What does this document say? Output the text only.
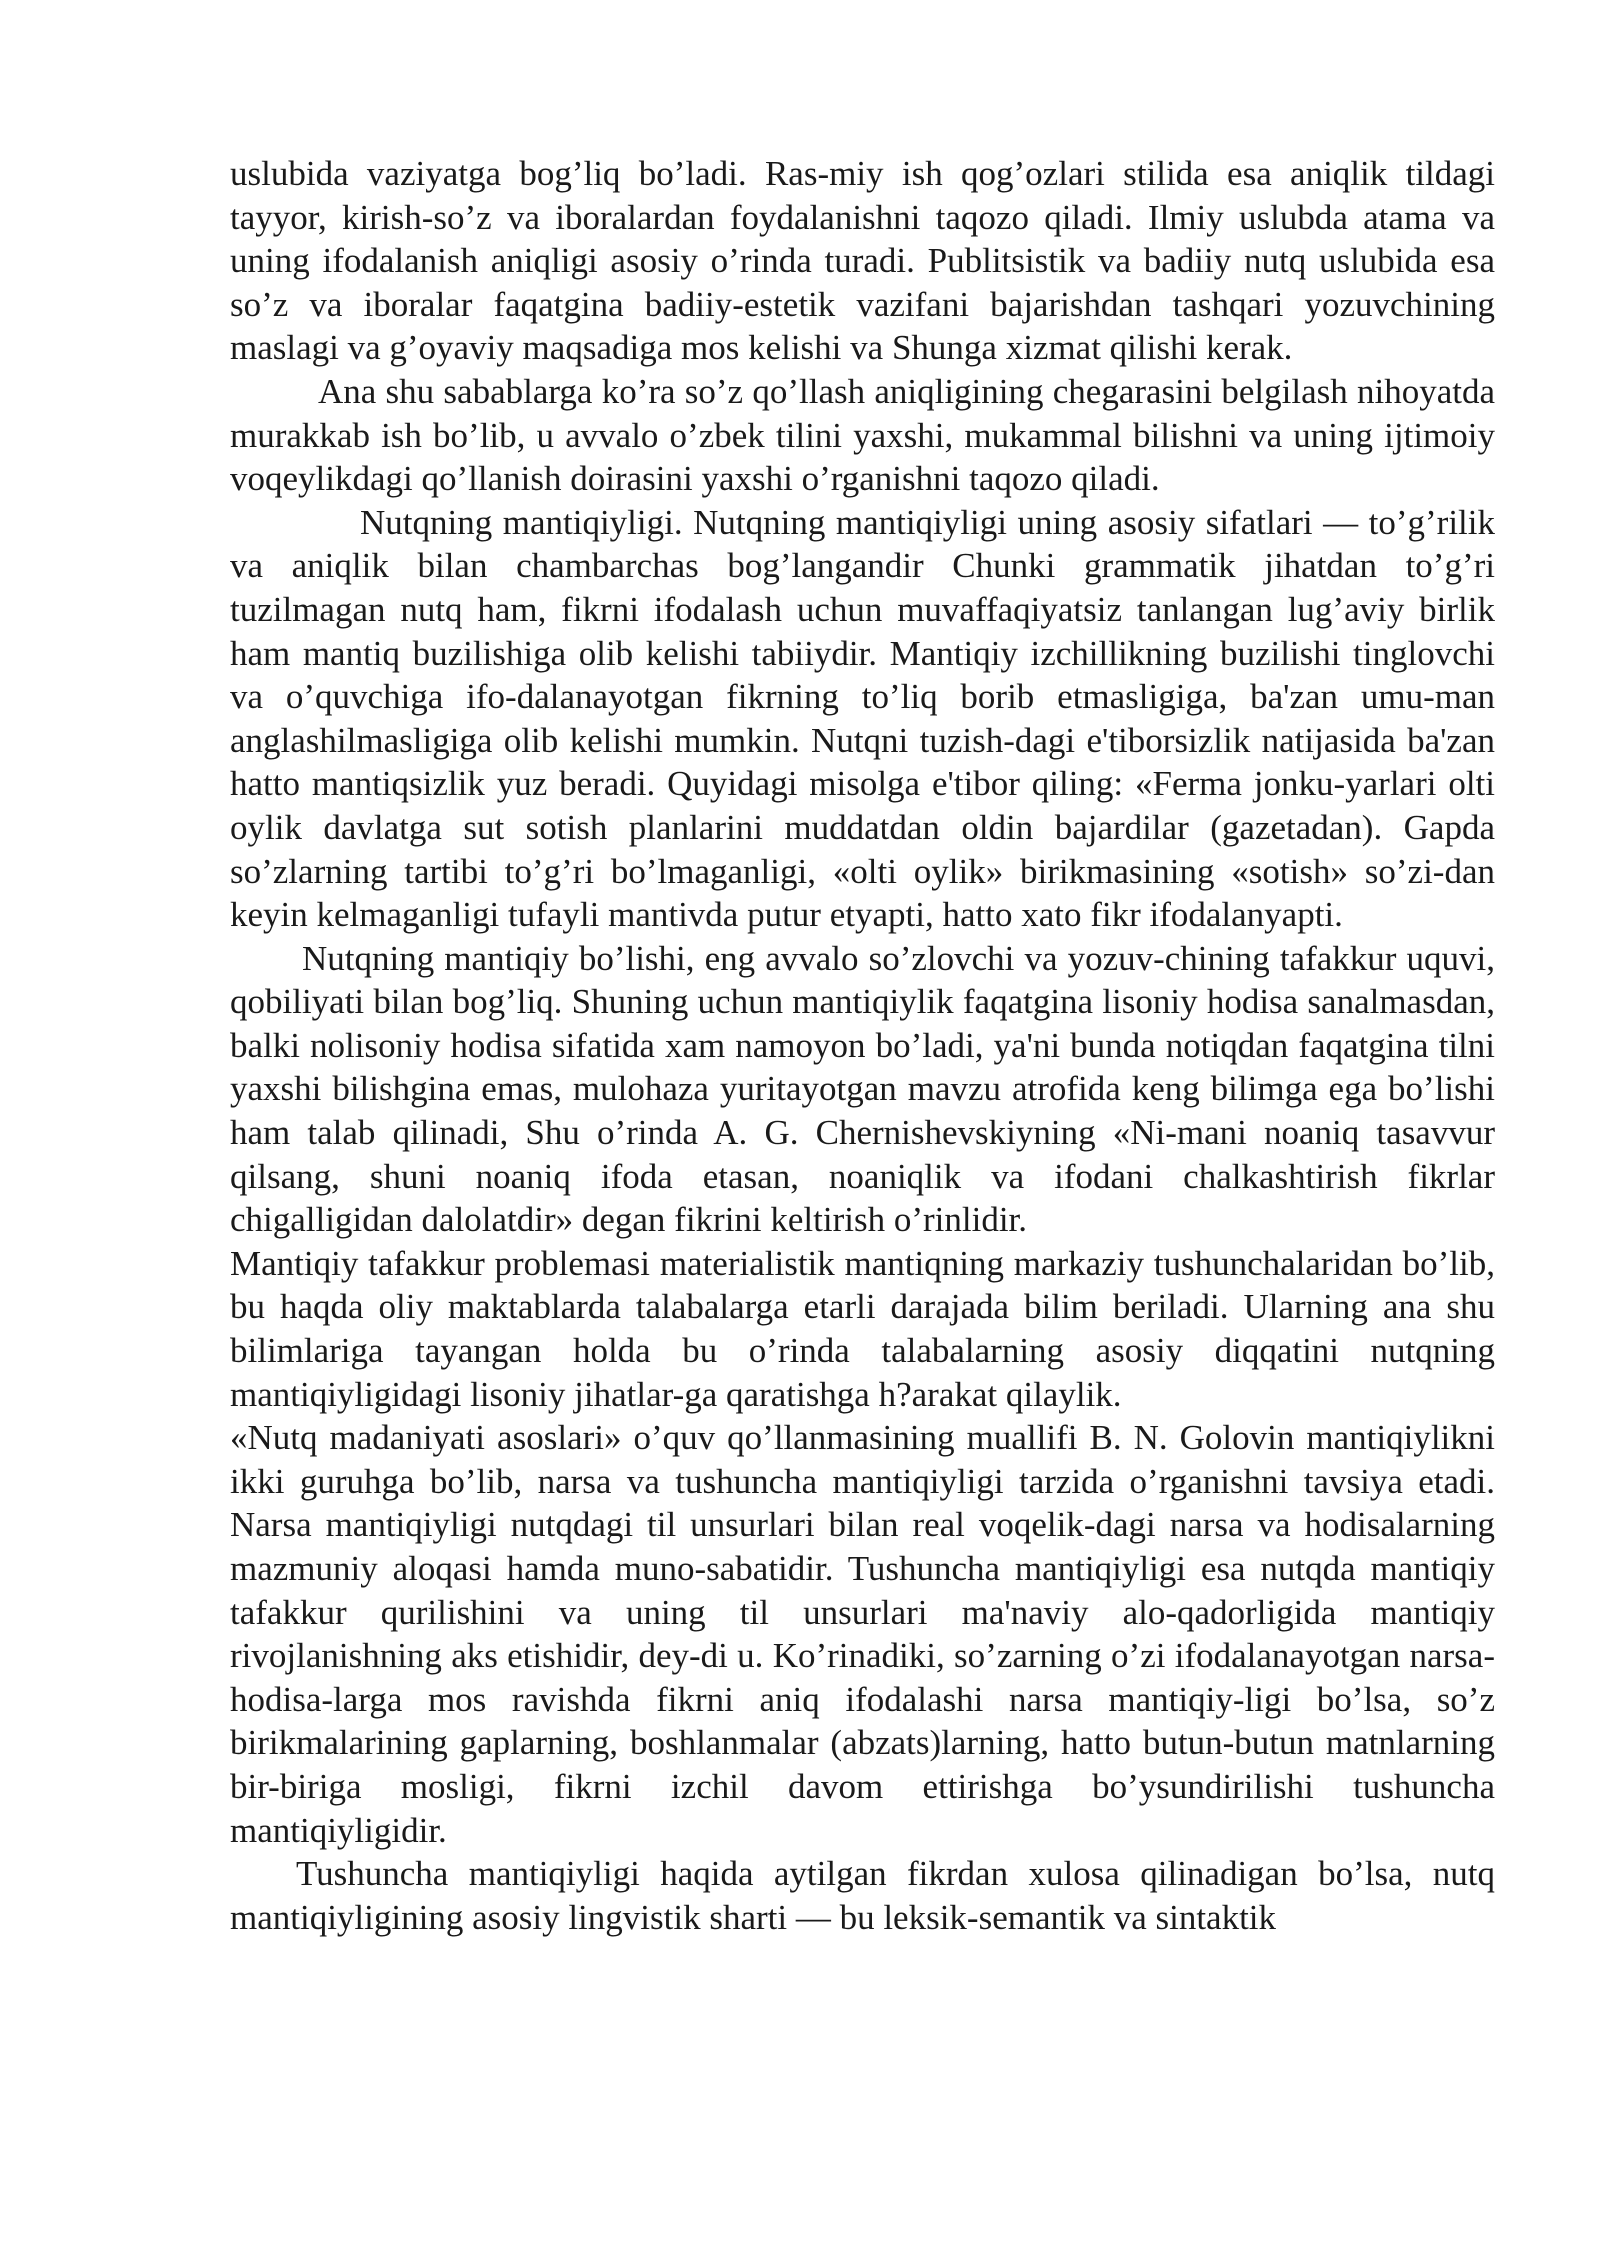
uslubida vaziyatga bog’liq bo’ladi. Ras-miy ish qog’ozlari stilida esa aniqlik tildagi tayyor, kirish-so’z va iboralardan foydalanishni taqozo qiladi. Ilmiy uslubda atama va uning ifodalanish aniqligi asosiy o’rinda turadi. Publitsistik va badiiy nutq uslubida esa so’z va iboralar faqatgina badiiy-estetik vazifani bajarishdan tashqari yozuvchining maslagi va g’oyaviy maqsadiga mos kelishi va Shunga xizmat qilishi kerak.

Ana shu sabablarga ko’ra so’z qo’llash aniqligining chegarasini belgilash nihoyatda murakkab ish bo’lib, u avvalo o’zbek tilini yaxshi, mukammal bilishni va uning ijtimoiy voqeylikdagi qo’llanish doirasini yaxshi o’rganishni taqozo qiladi.

Nutqning mantiqiyligi. Nutqning mantiqiyligi uning asosiy sifatlari — to’g’rilik va aniqlik bilan chambarchas bog’langandir Chunki grammatik jihatdan to’g’ri tuzilmagan nutq ham, fikrni ifodalash uchun muvaffaqiyatsiz tanlangan lug’aviy birlik ham mantiq buzilishiga olib kelishi tabiiydir. Mantiqiy izchillikning buzilishi tinglovchi va o’quvchiga ifo-dalanayotgan fikrning to’liq borib etmasligiga, ba'zan umu-man anglashilmasligiga olib kelishi mumkin. Nutqni tuzish-dagi e'tiborsizlik natijasida ba'zan hatto mantiqsizlik yuz beradi. Quyidagi misolga e'tibor qiling: «Ferma jonku-yarlari olti oylik davlatga sut sotish planlarini muddatdan oldin bajardilar (gazetadan). Gapda so’zlarning tartibi to’g’ri bo’lmaganligi, «olti oylik» birikmasining «sotish» so’zi-dan keyin kelmaganligi tufayli mantivda putur etyapti, hatto xato fikr ifodalanyapti.

Nutqning mantiqiy bo’lishi, eng avvalo so’zlovchi va yozuv-chining tafakkur uquvi, qobiliyati bilan bog’liq. Shuning uchun mantiqiylik faqatgina lisoniy hodisa sanalmasdan, balki nolisoniy hodisa sifatida xam namoyon bo’ladi, ya'ni bunda notiqdan faqatgina tilni yaxshi bilishgina emas, mulohaza yuritayotgan mavzu atrofida keng bilimga ega bo’lishi ham talab qilinadi, Shu o’rinda A. G. Chernishevskiyning «Ni-mani noaniq tasavvur qilsang, shuni noaniq ifoda etasan, noaniqlik va ifodani chalkashtirish fikrlar chigalligidan dalolatdir» degan fikrini keltirish o’rinlidir.

Mantiqiy tafakkur problemasi materialistik mantiqning markaziy tushunchalaridan bo’lib, bu haqda oliy maktablarda talabalarga etarli darajada bilim beriladi. Ularning ana shu bilimlariga tayangan holda bu o’rinda talabalarning asosiy diqqatini nutqning mantiqiyligidagi lisoniy jihatlar-ga qaratishga h?arakat qilaylik.

«Nutq madaniyati asoslari» o’quv qo’llanmasining muallifi B. N. Golovin mantiqiylikni ikki guruhga bo’lib, narsa va tushuncha mantiqiyligi tarzida o’rganishni tavsiya etadi. Narsa mantiqiyligi nutqdagi til unsurlari bilan real voqelik-dagi narsa va hodisalarning mazmuniy aloqasi hamda muno-sabatidir. Tushuncha mantiqiyligi esa nutqda mantiqiy tafakkur qurilishini va uning til unsurlari ma'naviy alo-qadorligida mantiqiy rivojlanishning aks etishidir, dey-di u. Ko’rinadiki, so’zarning o’zi ifodalanayotgan narsa-hodisa-larga mos ravishda fikrni aniq ifodalashi narsa mantiqiy-ligi bo’lsa, so’z birikmalarining gaplarning, boshlanmalar (abzats)larning, hatto butun-butun matnlarning bir-biriga mosligi, fikrni izchil davom ettirishga bo’ysundirilishi tushuncha mantiqiyligidir.

Tushuncha mantiqiyligi haqida aytilgan fikrdan xulosa qilinadigan bo’lsa, nutq mantiqiyligining asosiy lingvistik sharti — bu leksik-semantik va sintaktik
